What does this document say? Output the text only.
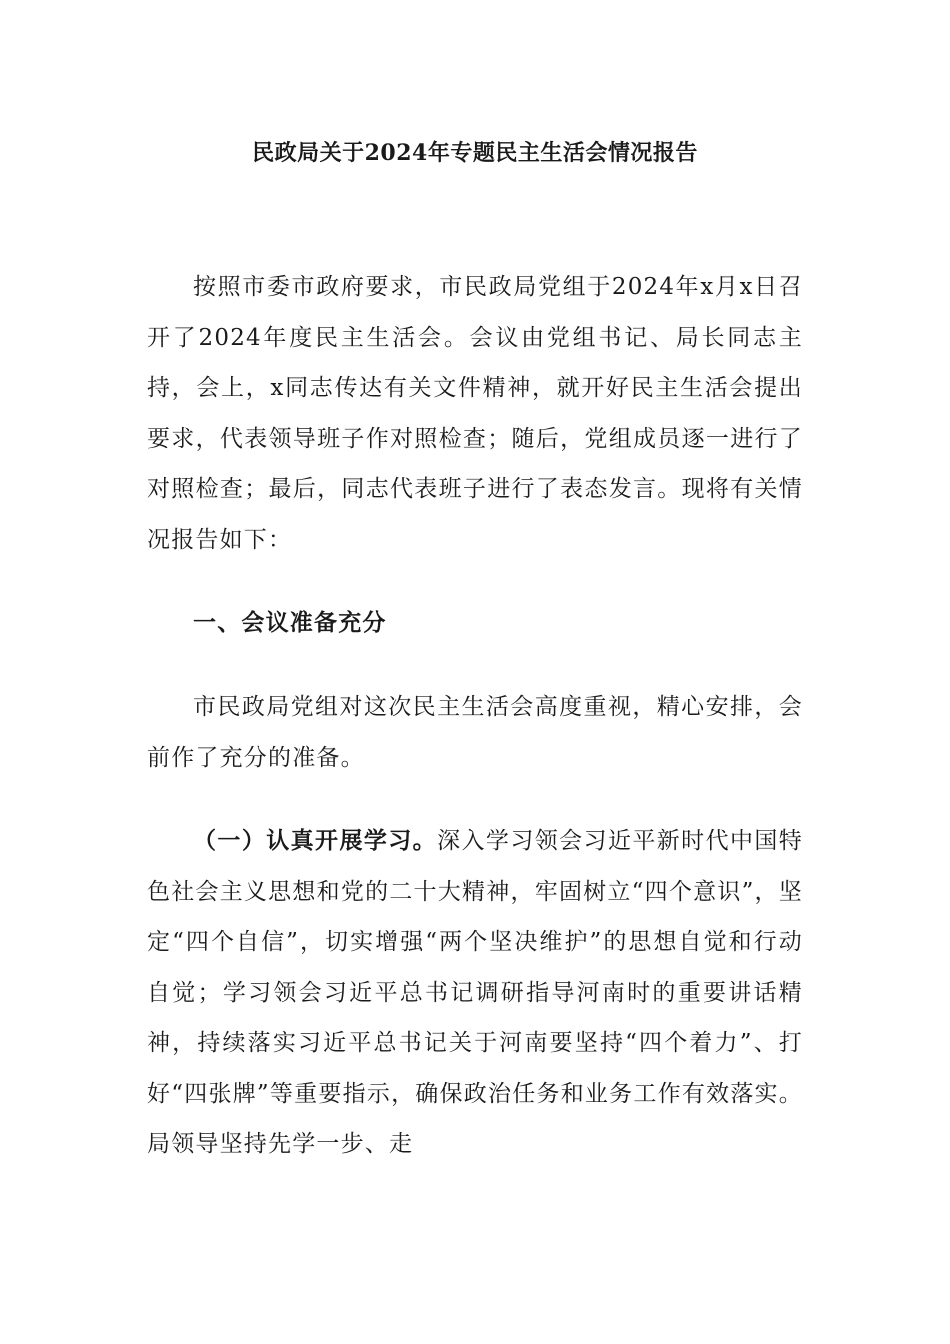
民政局关于2024年专题民主生活会情况报告
按照市委市政府要求，市民政局党组于2024年x月x日召开了2024年度民主生活会。会议由党组书记、局长同志主持，会上，x同志传达有关文件精神，就开好民主生活会提出要求，代表领导班子作对照检查；随后，党组成员逐一进行了对照检查；最后，同志代表班子进行了表态发言。现将有关情况报告如下：
一、会议准备充分
市民政局党组对这次民主生活会高度重视，精心安排，会前作了充分的准备。
（一）认真开展学习。深入学习领会习近平新时代中国特色社会主义思想和党的二十大精神，牢固树立“四个意识”，坚定“四个自信”，切实增强“两个坚决维护”的思想自觉和行动自觉；学习领会习近平总书记调研指导河南时的重要讲话精神，持续落实习近平总书记关于河南要坚持“四个着力”、打好“四张牌”等重要指示，确保政治任务和业务工作有效落实。局领导坚持先学一步、走
